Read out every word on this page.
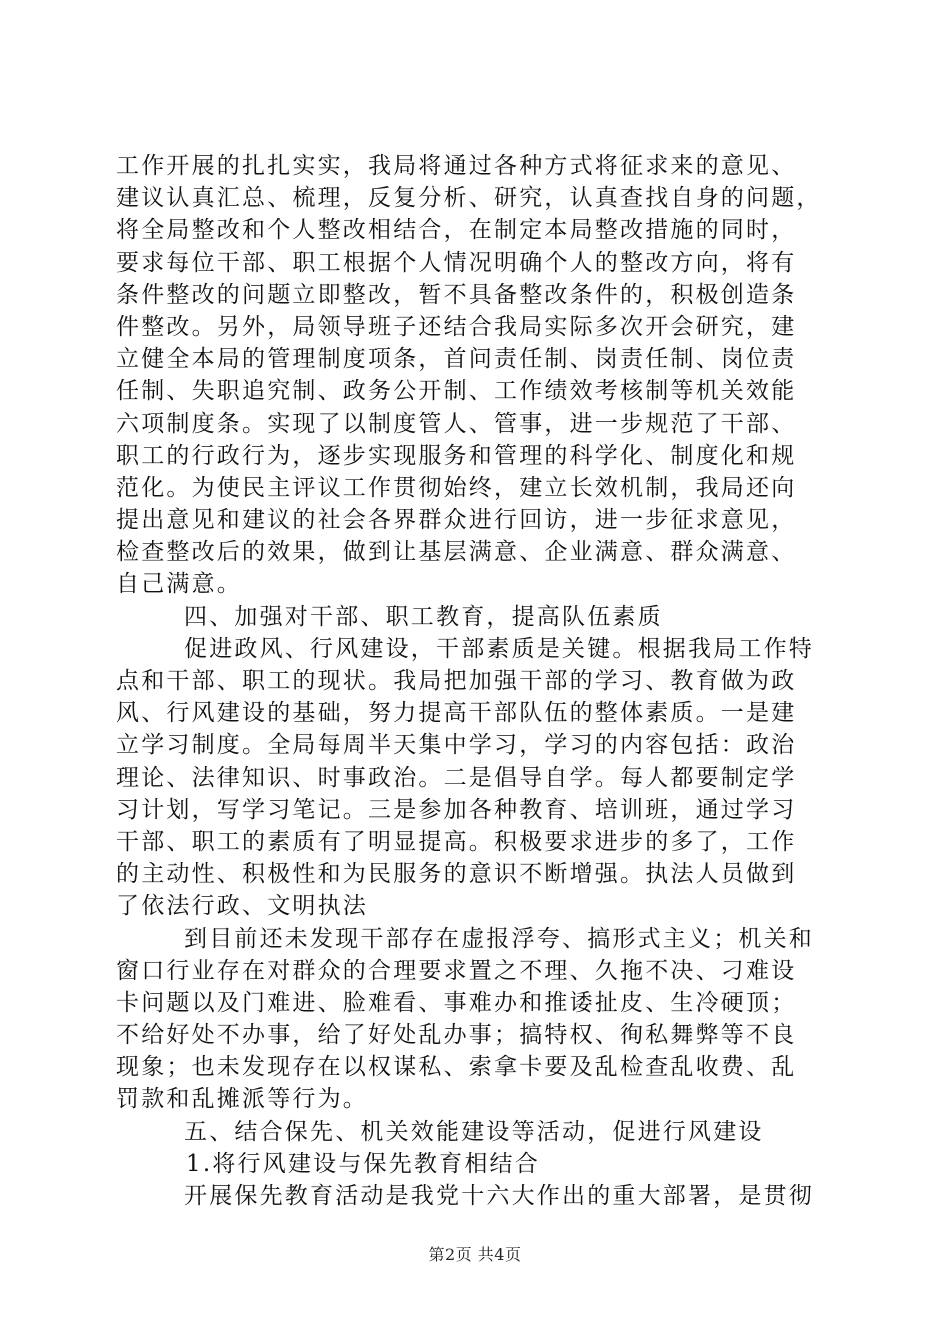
工作开展的扎扎实实，我局将通过各种方式将征求来的意见、
建议认真汇总、梳理，反复分析、研究，认真查找自身的问题，
将全局整改和个人整改相结合，在制定本局整改措施的同时，
要求每位干部、职工根据个人情况明确个人的整改方向，将有
条件整改的问题立即整改，暂不具备整改条件的，积极创造条
件整改。另外，局领导班子还结合我局实际多次开会研究，建
立健全本局的管理制度项条，首问责任制、岗责任制、岗位责
任制、失职追究制、政务公开制、工作绩效考核制等机关效能
六项制度条。实现了以制度管人、管事，进一步规范了干部、
职工的行政行为，逐步实现服务和管理的科学化、制度化和规
范化。为使民主评议工作贯彻始终，建立长效机制，我局还向
提出意见和建议的社会各界群众进行回访，进一步征求意见，
检查整改后的效果，做到让基层满意、企业满意、群众满意、
自己满意。
四、加强对干部、职工教育，提高队伍素质
促进政风、行风建设，干部素质是关键。根据我局工作特
点和干部、职工的现状。我局把加强干部的学习、教育做为政
风、行风建设的基础，努力提高干部队伍的整体素质。一是建
立学习制度。全局每周半天集中学习，学习的内容包括：政治
理论、法律知识、时事政治。二是倡导自学。每人都要制定学
习计划，写学习笔记。三是参加各种教育、培训班，通过学习
干部、职工的素质有了明显提高。积极要求进步的多了，工作
的主动性、积极性和为民服务的意识不断增强。执法人员做到
了依法行政、文明执法
到目前还未发现干部存在虚报浮夸、搞形式主义；机关和
窗口行业存在对群众的合理要求置之不理、久拖不决、刁难设
卡问题以及门难进、脸难看、事难办和推诿扯皮、生冷硬顶；
不给好处不办事，给了好处乱办事；搞特权、徇私舞弊等不良
现象；也未发现存在以权谋私、索拿卡要及乱检查乱收费、乱
罚款和乱摊派等行为。
五、结合保先、机关效能建设等活动，促进行风建设
1.将行风建设与保先教育相结合
开展保先教育活动是我党十六大作出的重大部署，是贯彻
第2页 共4页
